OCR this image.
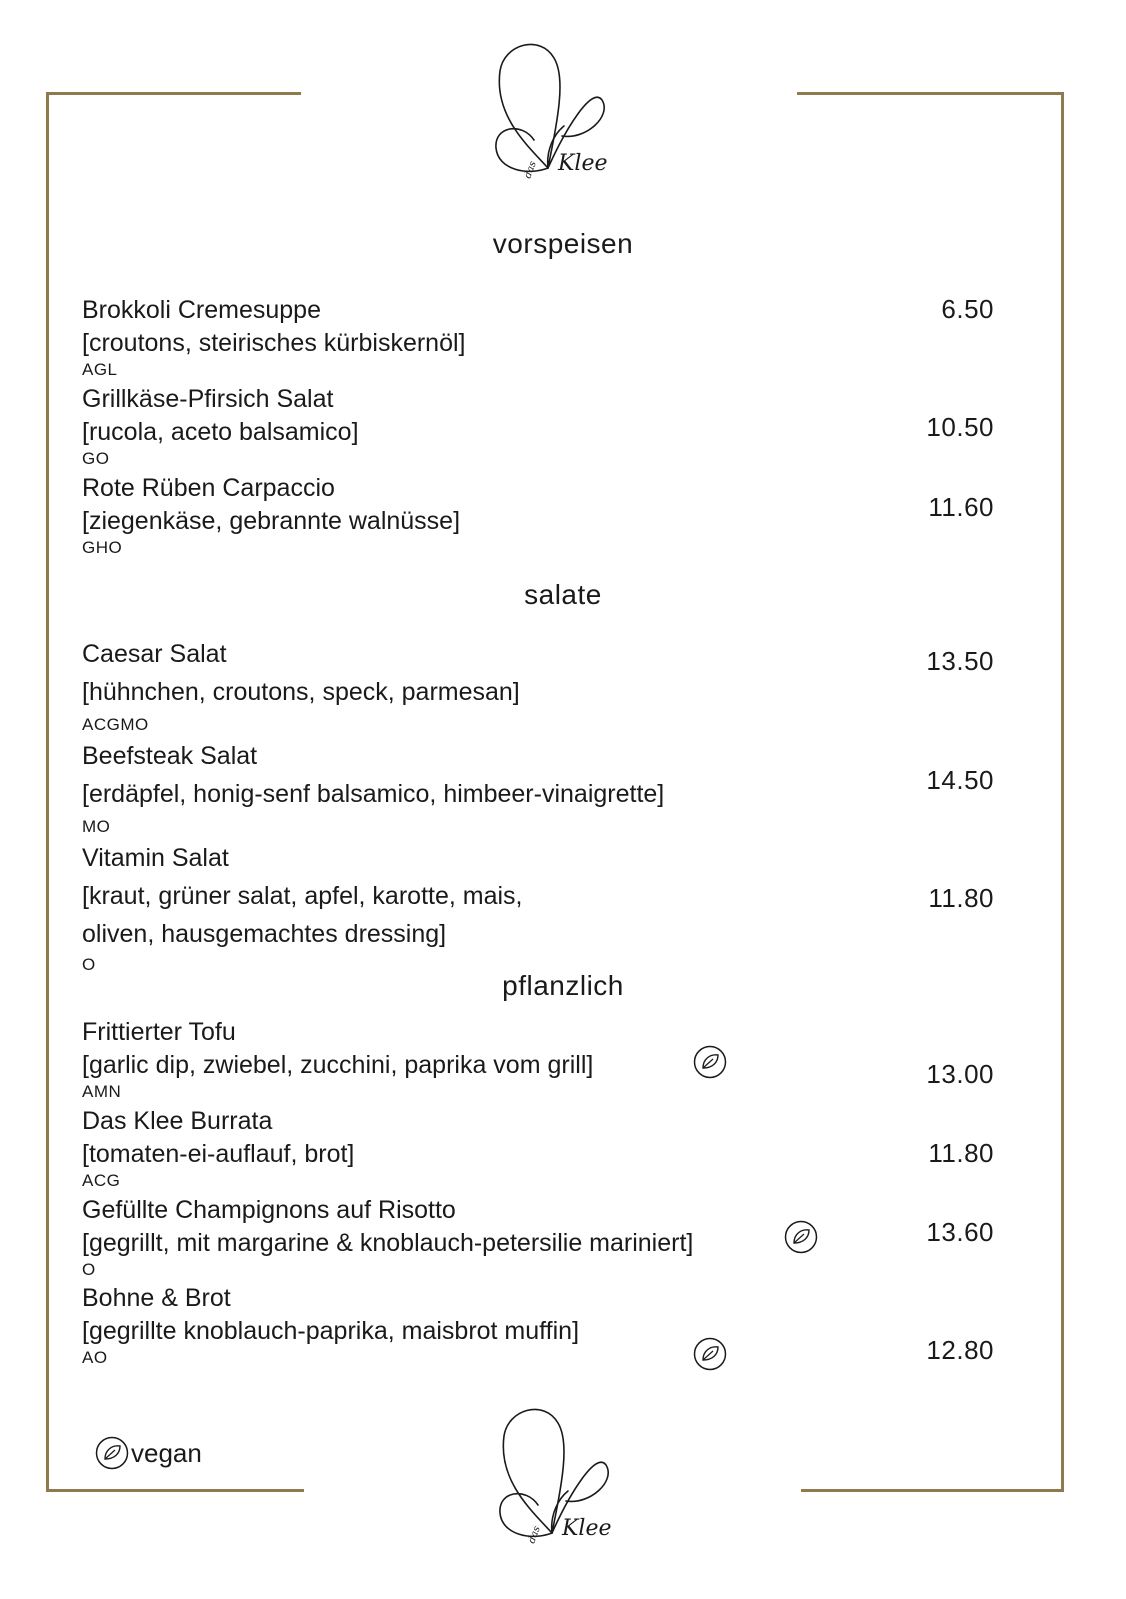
das Klee
das Klee
vorspeisen
Brokkoli Cremesuppe
[croutons, steirisches kürbiskernöl]
AGL
6.50
Grillkäse-Pfirsich Salat
[rucola, aceto balsamico]
GO
10.50
Rote Rüben Carpaccio
[ziegenkäse, gebrannte walnüsse]
GHO
11.60
salate
Caesar Salat
[hühnchen, croutons, speck, parmesan]
ACGMO
13.50
Beefsteak Salat
[erdäpfel, honig-senf balsamico, himbeer-vinaigrette]
MO
14.50
Vitamin Salat
[kraut, grüner salat, apfel, karotte, mais,
oliven, hausgemachtes dressing]
O
11.80
pflanzlich
Frittierter Tofu
[garlic dip, zwiebel, zucchini, paprika vom grill]
AMN
13.00
Das Klee Burrata
[tomaten-ei-auflauf, brot]
ACG
11.80
Gefüllte Champignons auf Risotto
[gegrillt, mit margarine & knoblauch-petersilie mariniert]
O
13.60
Bohne & Brot
[gegrillte knoblauch-paprika, maisbrot muffin]
AO	12.80
vegan
